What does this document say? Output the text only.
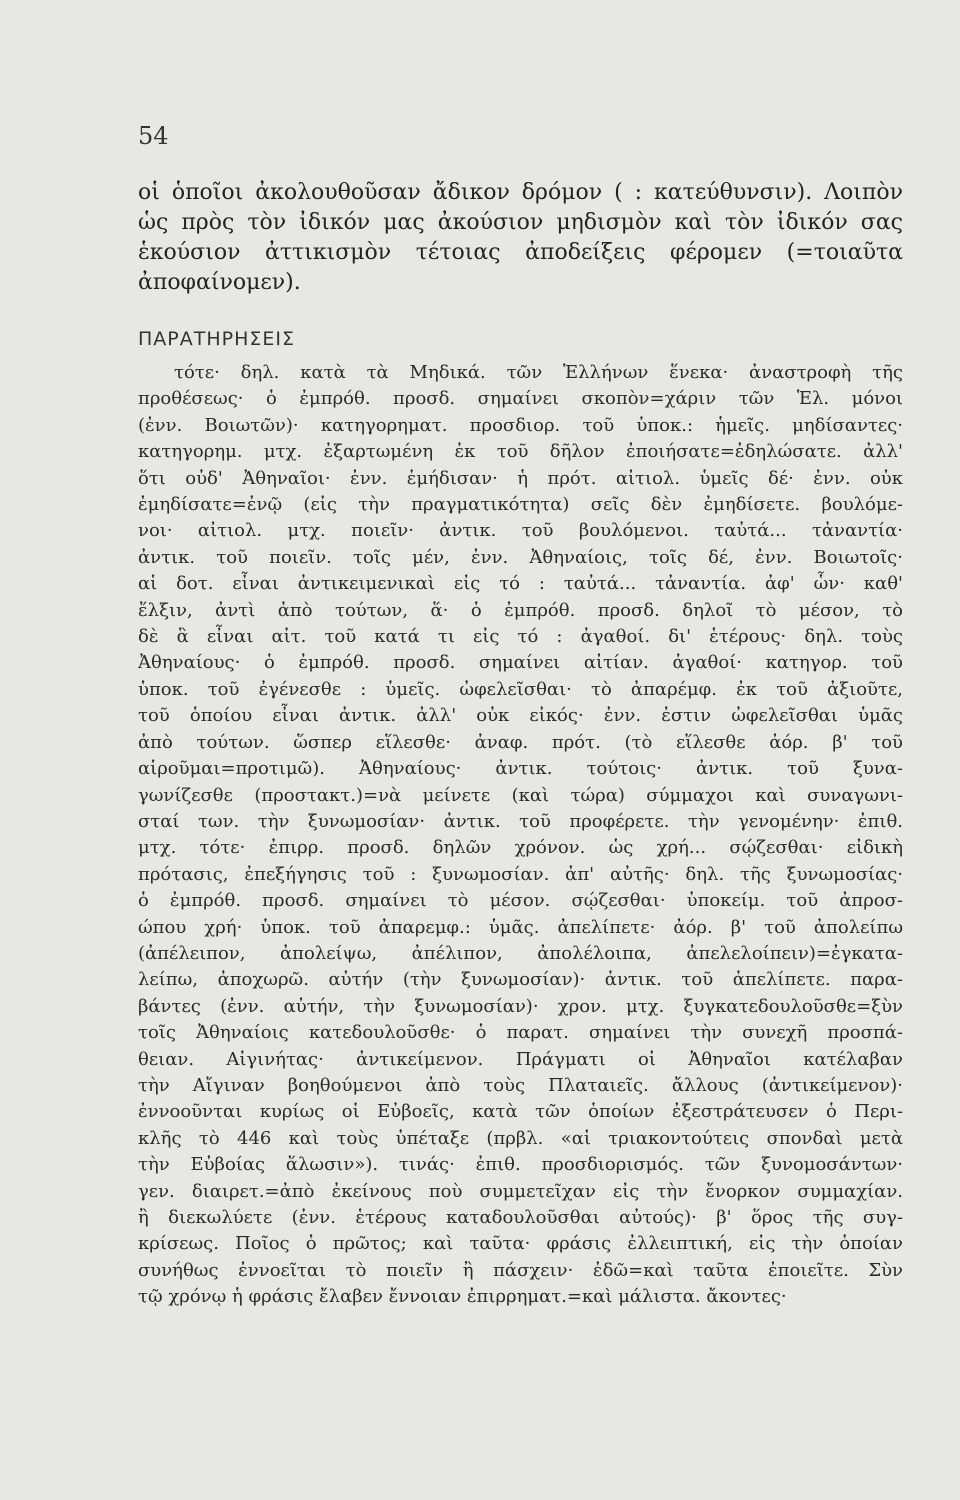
54
οἱ ὁποῖοι ἀκολουθοῦσαν ἄδικον δρόμον ( : κατεύθυνσιν). Λοιπὸν
ὡς πρὸς τὸν ἰδικόν μας ἀκούσιον μηδισμὸν καὶ τὸν ἰδικόν σας
ἑκούσιον ἀττικισμὸν τέτοιας ἀποδείξεις φέρομεν (=τοιαῦτα
ἀποφαίνομεν).
ΠΑΡΑΤΗΡΗΣΕΙΣ
τότε· δηλ. κατὰ τὰ Μηδικά. τῶν Ἑλλήνων ἕνεκα· ἀναστροφὴ τῆς
προθέσεως· ὁ ἐμπρόθ. προσδ. σημαίνει σκοπὸν=χάριν τῶν Ἑλ. μόνοι
(ἐνν. Βοιωτῶν)· κατηγορηματ. προσδιορ. τοῦ ὑποκ.: ἡμεῖς. μηδίσαντες·
κατηγορημ. μτχ. ἐξαρτωμένη ἐκ τοῦ δῆλον ἐποιήσατε=ἐδηλώσατε. ἀλλ'
ὅτι οὐδ' Ἀθηναῖοι· ἐνν. ἐμήδισαν· ἡ πρότ. αἰτιολ. ὑμεῖς δέ· ἐνν. οὐκ
ἐμηδίσατε=ἐνῷ (εἰς τὴν πραγματικότητα) σεῖς δὲν ἐμηδίσετε. βουλόμε-
νοι· αἰτιολ. μτχ. ποιεῖν· ἀντικ. τοῦ βουλόμενοι. ταὐτά... τἀναντία·
ἀντικ. τοῦ ποιεῖν. τοῖς μέν, ἐνν. Ἀθηναίοις, τοῖς δέ, ἐνν. Βοιωτοῖς·
αἱ δοτ. εἶναι ἀντικειμενικαὶ εἰς τό : ταὐτά... τἀναντία. ἀφ' ὧν· καθ'
ἕλξιν, ἀντὶ ἀπὸ τούτων, ἅ· ὁ ἐμπρόθ. προσδ. δηλοῖ τὸ μέσον, τὸ
δὲ ἃ εἶναι αἰτ. τοῦ κατά τι εἰς τό : ἀγαθοί. δι' ἑτέρους· δηλ. τοὺς
Ἀθηναίους· ὁ ἐμπρόθ. προσδ. σημαίνει αἰτίαν. ἀγαθοί· κατηγορ. τοῦ
ὑποκ. τοῦ ἐγένεσθε : ὑμεῖς. ὠφελεῖσθαι· τὸ ἀπαρέμφ. ἐκ τοῦ ἀξιοῦτε,
τοῦ ὁποίου εἶναι ἀντικ. ἀλλ' οὐκ εἰκός· ἐνν. ἐστιν ὠφελεῖσθαι ὑμᾶς
ἀπὸ τούτων. ὥσπερ εἵλεσθε· ἀναφ. πρότ. (τὸ εἵλεσθε ἀόρ. β' τοῦ
αἱροῦμαι=προτιμῶ). Ἀθηναίους· ἀντικ. τούτοις· ἀντικ. τοῦ ξυνα-
γωνίζεσθε (προστακτ.)=νὰ μείνετε (καὶ τώρα) σύμμαχοι καὶ συναγωνι-
σταί των. τὴν ξυνωμοσίαν· ἀντικ. τοῦ προφέρετε. τὴν γενομένην· ἐπιθ.
μτχ. τότε· ἐπιρρ. προσδ. δηλῶν χρόνον. ὡς χρή... σῴζεσθαι· εἰδικὴ
πρότασις, ἐπεξήγησις τοῦ : ξυνωμοσίαν. ἀπ' αὐτῆς· δηλ. τῆς ξυνωμοσίας·
ὁ ἐμπρόθ. προσδ. σημαίνει τὸ μέσον. σῴζεσθαι· ὑποκείμ. τοῦ ἀπροσ-
ώπου χρή· ὑποκ. τοῦ ἀπαρεμφ.: ὑμᾶς. ἀπελίπετε· ἀόρ. β' τοῦ ἀπολείπω
(ἀπέλειπον, ἀπολείψω, ἀπέλιπον, ἀπολέλοιπα, ἀπελελοίπειν)=ἐγκατα-
λείπω, ἀποχωρῶ. αὐτήν (τὴν ξυνωμοσίαν)· ἀντικ. τοῦ ἀπελίπετε. παρα-
βάντες (ἐνν. αὐτήν, τὴν ξυνωμοσίαν)· χρον. μτχ. ξυγκατεδουλοῦσθε=ξὺν
τοῖς Ἀθηναίοις κατεδουλοῦσθε· ὁ παρατ. σημαίνει τὴν συνεχῆ προσπά-
θειαν. Αἰγινήτας· ἀντικείμενον. Πράγματι οἱ Ἀθηναῖοι κατέλαβαν
τὴν Αἴγιναν βοηθούμενοι ἀπὸ τοὺς Πλαταιεῖς. ἄλλους (ἀντικείμενον)·
ἐννοοῦνται κυρίως οἱ Εὐβοεῖς, κατὰ τῶν ὁποίων ἐξεστράτευσεν ὁ Περι-
κλῆς τὸ 446 καὶ τοὺς ὑπέταξε (πρβλ. «αἱ τριακοντούτεις σπονδαὶ μετὰ
τὴν Εὐβοίας ἅλωσιν»). τινάς· ἐπιθ. προσδιορισμός. τῶν ξυνομοσάντων·
γεν. διαιρετ.=ἀπὸ ἐκείνους ποὺ συμμετεῖχαν εἰς τὴν ἔνορκον συμμαχίαν.
ἢ διεκωλύετε (ἐνν. ἑτέρους καταδουλοῦσθαι αὐτούς)· β' ὅρος τῆς συγ-
κρίσεως. Ποῖος ὁ πρῶτος; καὶ ταῦτα· φράσις ἐλλειπτική, εἰς τὴν ὁποίαν
συνήθως ἐννοεῖται τὸ ποιεῖν ἢ πάσχειν· ἐδῶ=καὶ ταῦτα ἐποιεῖτε. Σὺν
τῷ χρόνῳ ἡ φράσις ἔλαβεν ἔννοιαν ἐπιρρηματ.=καὶ μάλιστα. ἄκοντες·
